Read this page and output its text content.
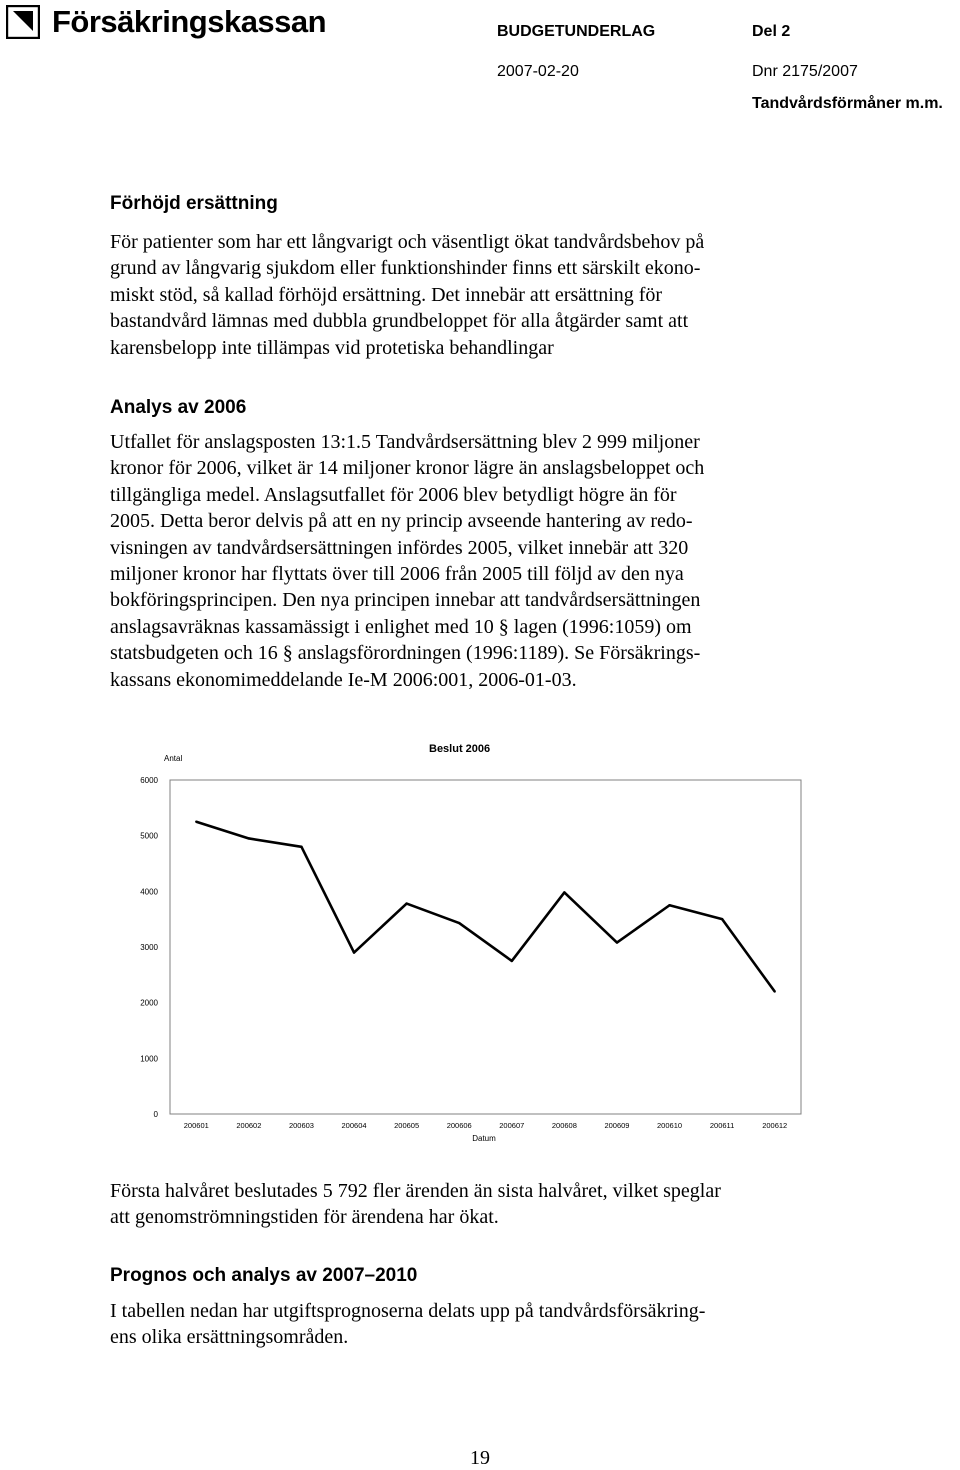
Försäkringskassan	BUDGETUNDERLAG	Del 2
2007-02-20	Dnr 2175/2007
Tandvårdsförmåner m.m.
Förhöjd ersättning
För patienter som har ett långvarigt och väsentligt ökat tandvårdsbehov på
grund av långvarig sjukdom eller funktionshinder finns ett särskilt ekono-
miskt stöd, så kallad förhöjd ersättning. Det innebär att ersättning för
bastandvård lämnas med dubbla grundbeloppet för alla åtgärder samt att
karensbelopp inte tillämpas vid protetiska behandlingar
Analys av 2006
Utfallet för anslagsposten 13:1.5 Tandvårdsersättning blev 2 999 miljoner
kronor för 2006, vilket är 14 miljoner kronor lägre än anslagsbeloppet och
tillgängliga medel. Anslagsutfallet för 2006 blev betydligt högre än för
2005. Detta beror delvis på att en ny princip avseende hantering av redo-
visningen av tandvårdsersättningen infördes 2005, vilket innebär att 320
miljoner kronor har flyttats över till 2006 från 2005 till följd av den nya
bokföringsprincipen. Den nya principen innebar att tandvårdsersättningen
anslagsavräknas kassamässigt i enlighet med 10 § lagen (1996:1059) om
statsbudgeten och 16 § anslagsförordningen (1996:1189). Se Försäkrings-
kassans ekonomimeddelande Ie-M 2006:001, 2006-01-03.
Beslut 2006
Antal
Datum
0
1000
2000
3000
4000
5000
6000
200601	200602	200603	200604	200605	200606	200607	200608	200609	200610	200611	200612
Första halvåret beslutades 5 792 fler ärenden än sista halvåret, vilket speglar
att genomströmningstiden för ärendena har ökat.
Prognos och analys av 2007–2010
I tabellen nedan har utgiftsprognoserna delats upp på tandvårdsförsäkring-
ens olika ersättningsområden.
19
